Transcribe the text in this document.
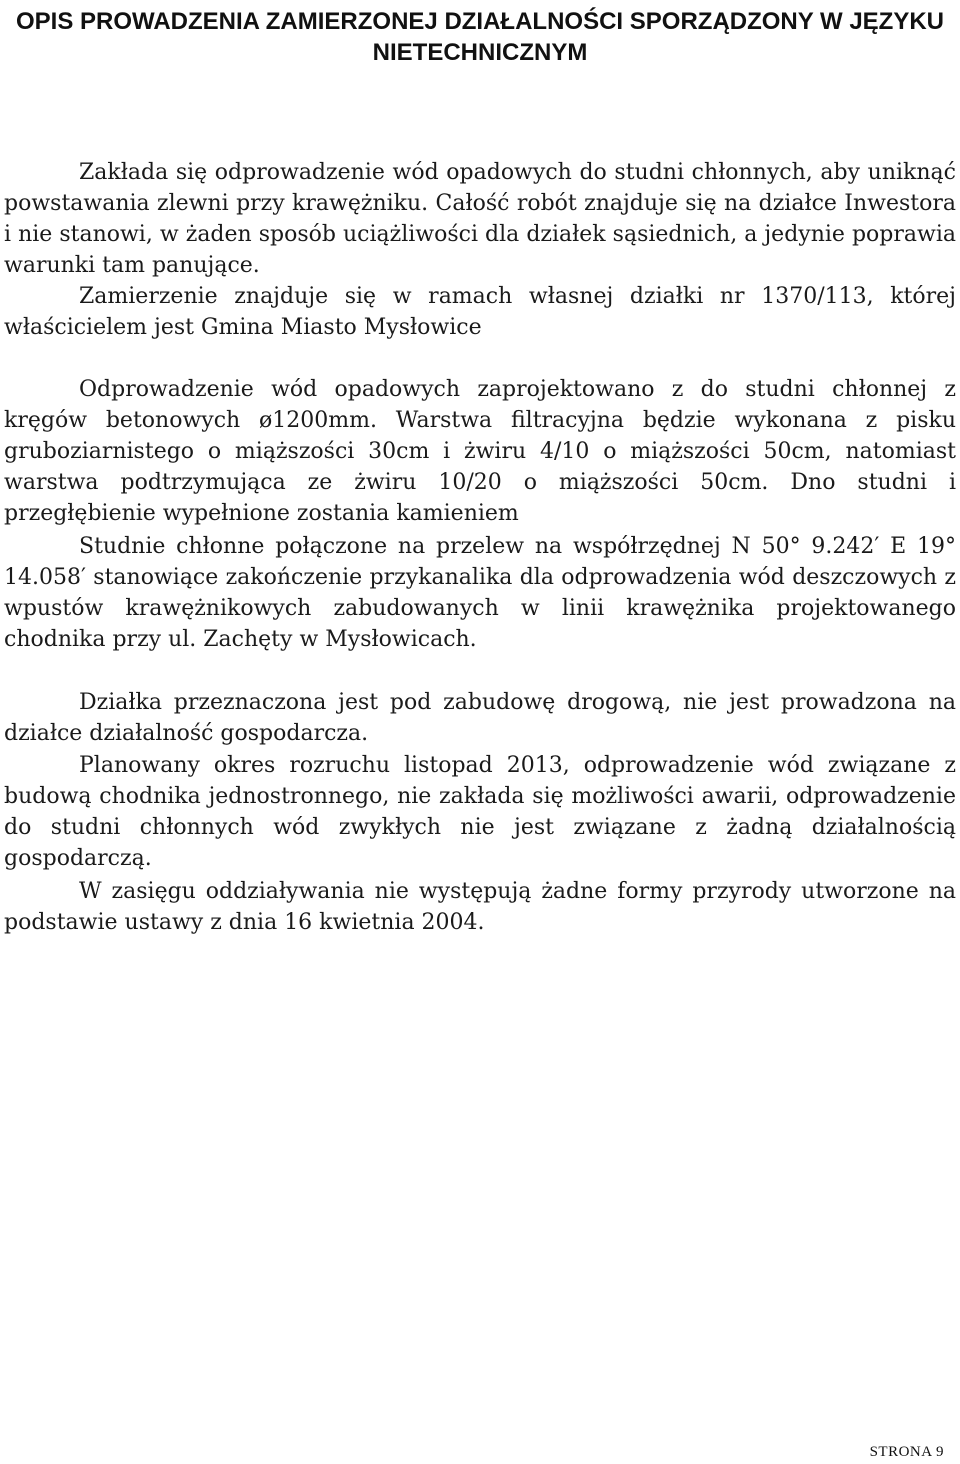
OPIS PROWADZENIA ZAMIERZONEJ DZIAŁALNOŚCI SPORZĄDZONY W JĘZYKU NIETECHNICZNYM

Zakłada się odprowadzenie wód opadowych do studni chłonnych, aby uniknąć powstawania zlewni przy krawężniku. Całość robót znajduje się na działce Inwestora i nie stanowi, w żaden sposób uciążliwości dla działek sąsiednich, a jedynie poprawia warunki tam panujące.

Zamierzenie znajduje się w ramach własnej działki nr 1370/113, której właścicielem jest Gmina Miasto Mysłowice

Odprowadzenie wód opadowych zaprojektowano z do studni chłonnej z kręgów betonowych ø1200mm. Warstwa filtracyjna będzie wykonana z pisku gruboziarnistego o miąższości 30cm i żwiru 4/10 o miąższości 50cm, natomiast warstwa podtrzymująca ze żwiru 10/20 o miąższości 50cm. Dno studni i przegłębienie wypełnione zostania kamieniem

Studnie chłonne połączone na przelew na współrzędnej N 50° 9.242′ E 19° 14.058′ stanowiące zakończenie przykanalika dla odprowadzenia wód deszczowych z wpustów krawężnikowych zabudowanych w linii krawężnika projektowanego chodnika przy ul. Zachęty w Mysłowicach.

Działka przeznaczona jest pod zabudowę drogową, nie jest prowadzona na działce działalność gospodarcza.

Planowany okres rozruchu listopad 2013, odprowadzenie wód związane z budową chodnika jednostronnego, nie zakłada się możliwości awarii, odprowadzenie do studni chłonnych wód zwykłych nie jest związane z żadną działalnością gospodarczą.

W zasięgu oddziaływania nie występują żadne formy przyrody utworzone na podstawie ustawy z dnia 16 kwietnia 2004.

STRONA 9
